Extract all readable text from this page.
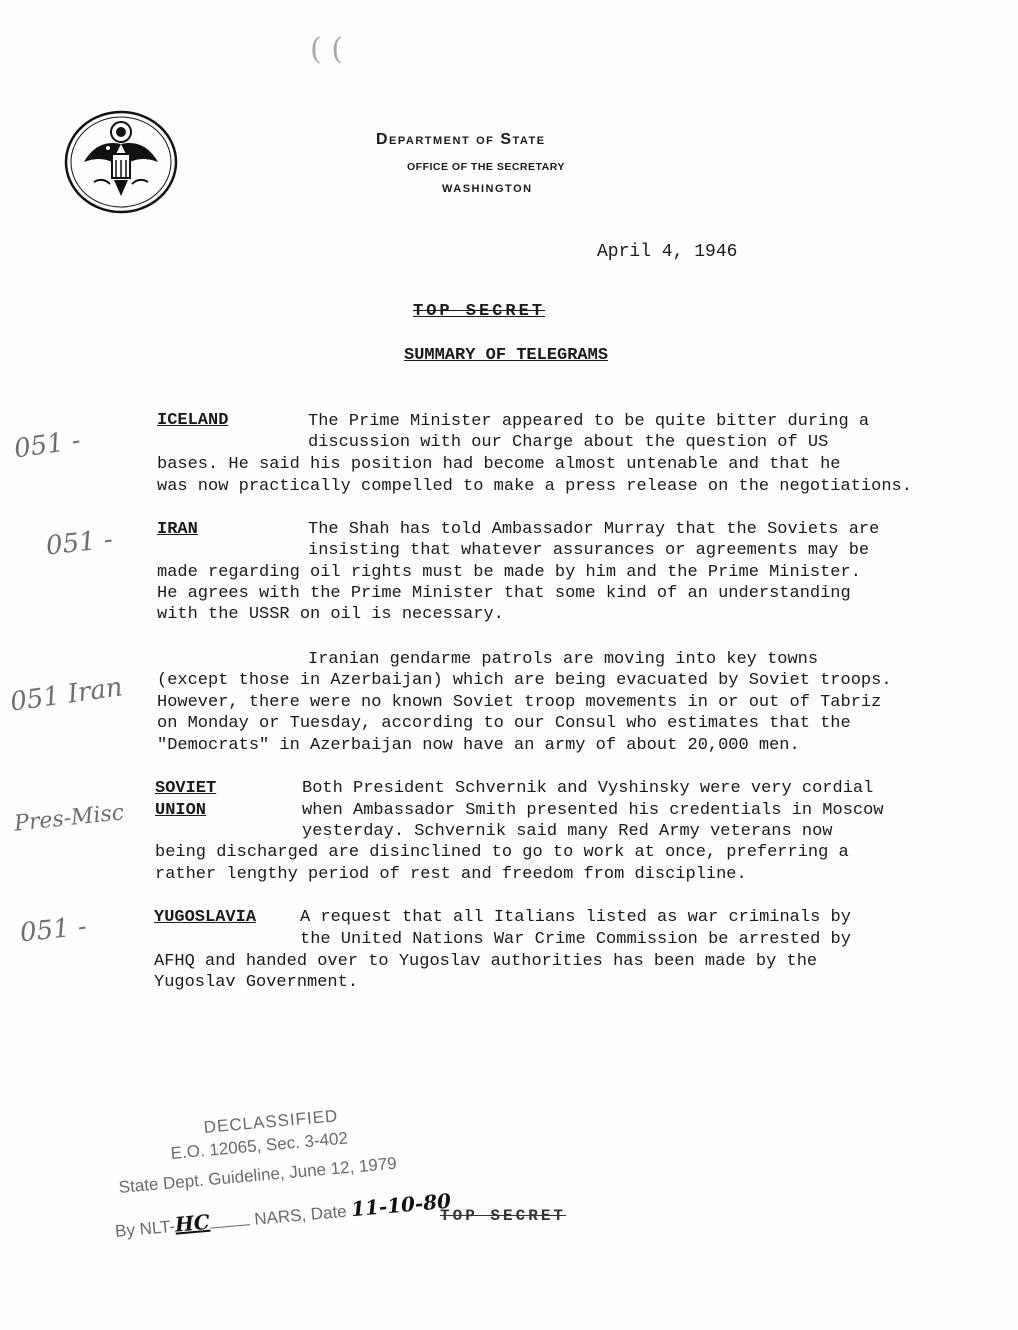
( (
Department of State
OFFICE OF THE SECRETARY
WASHINGTON
April 4, 1946
TOP SECRET
SUMMARY OF TELEGRAMS
051 -
ICELAND	The Prime Minister appeared to be quite bitter during a
discussion with our Charge about the question of US
bases. He said his position had become almost untenable and that he
was now practically compelled to make a press release on the negotiations.
051 -	IRAN	The Shah has told Ambassador Murray that the Soviets are
insisting that whatever assurances or agreements may be
made regarding oil rights must be made by him and the Prime Minister.
He agrees with the Prime Minister that some kind of an understanding
with the USSR on oil is necessary.
051 Iran
Iranian gendarme patrols are moving into key towns
(except those in Azerbaijan) which are being evacuated by Soviet troops.
However, there were no known Soviet troop movements in or out of Tabriz
on Monday or Tuesday, according to our Consul who estimates that the
"Democrats" in Azerbaijan now have an army of about 20,000 men.
Pres-Misc
SOVIET
UNION
Both President Schvernik and Vyshinsky were very cordial
when Ambassador Smith presented his credentials in Moscow
yesterday. Schvernik said many Red Army veterans now
being discharged are disinclined to go to work at once, preferring a
rather lengthy period of rest and freedom from discipline.
051 -	YUGOSLAVIA	A request that all Italians listed as war criminals by
the United Nations War Crime Commission be arrested by
AFHQ and handed over to Yugoslav authorities has been made by the
Yugoslav Government.
DECLASSIFIED
E.O. 12065, Sec. 3-402
State Dept. Guideline, June 12, 1979
By NLT-HC	NARS, Date 11-10-80
TOP SECRET
